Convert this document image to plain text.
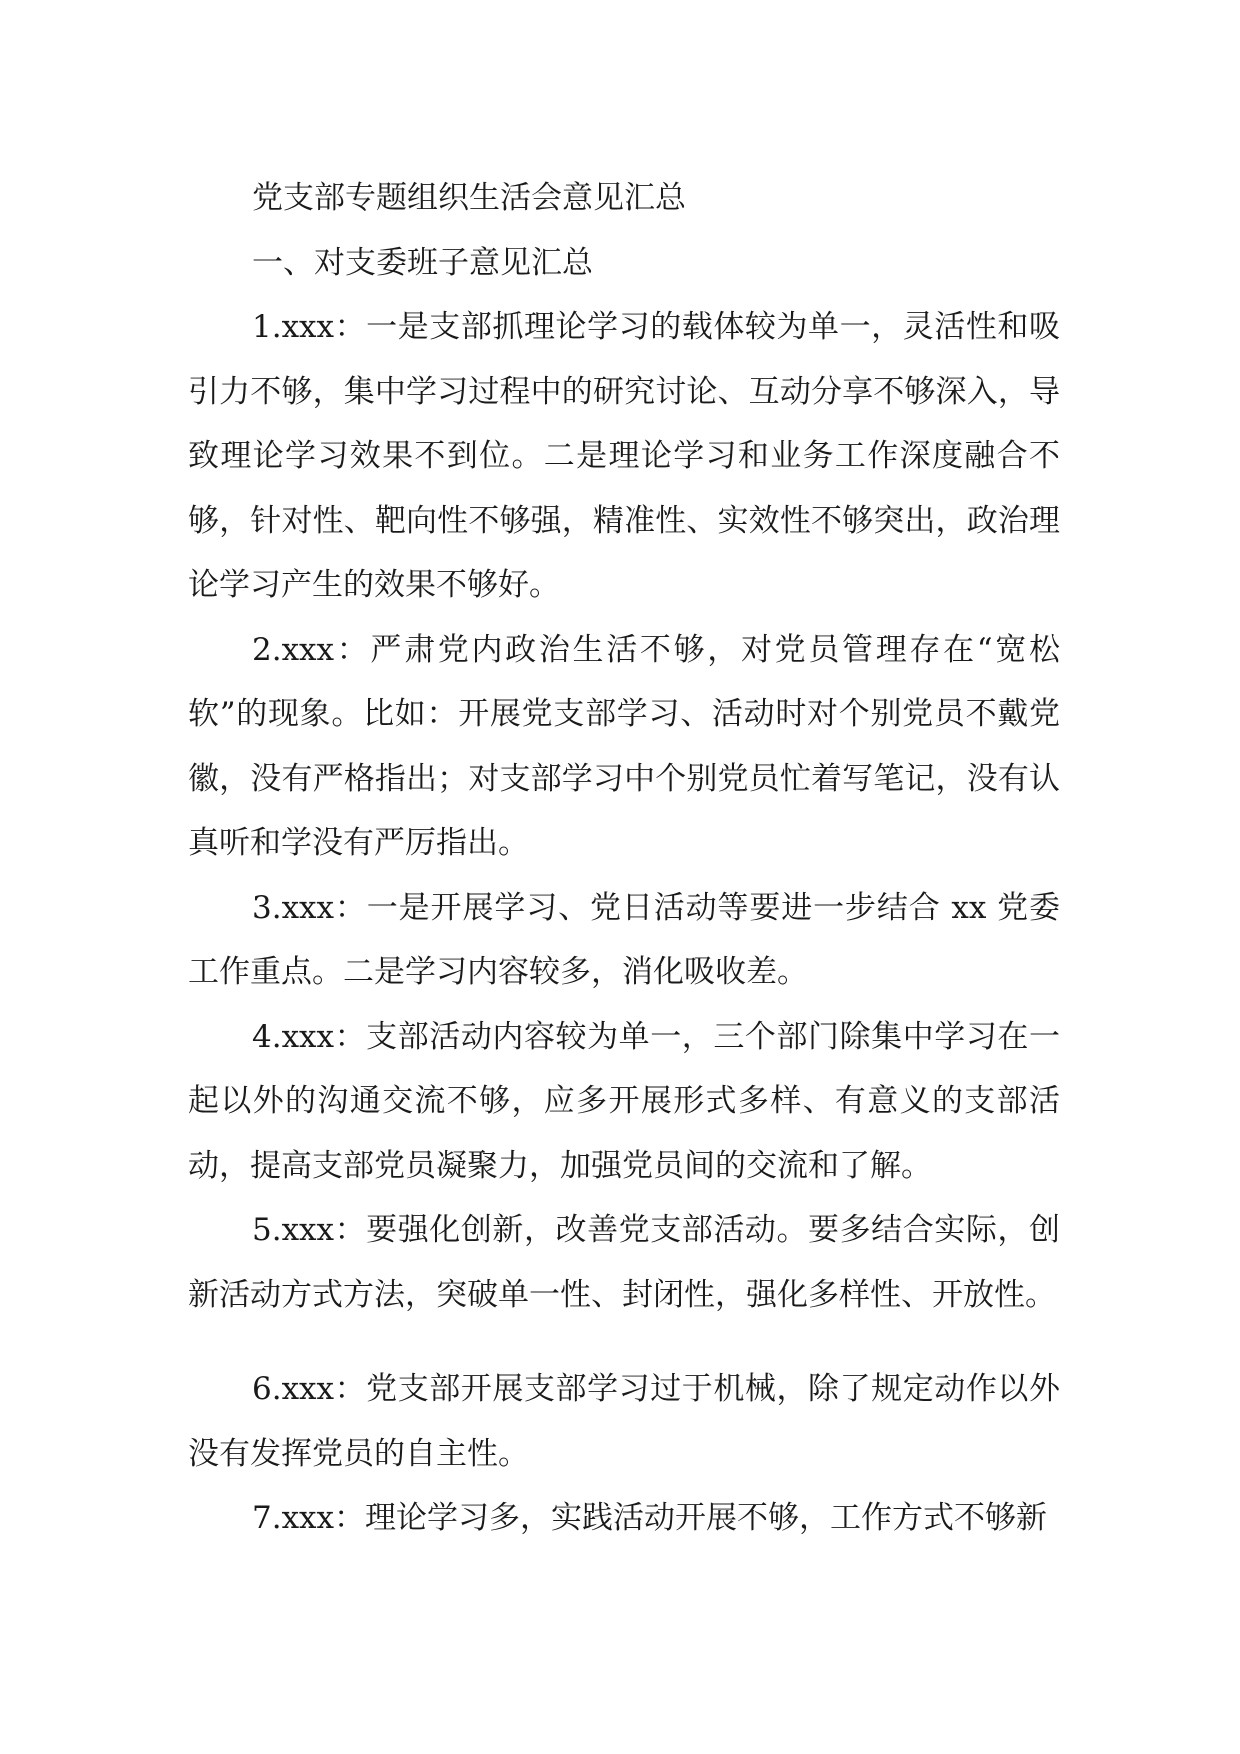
党支部专题组织生活会意见汇总

一、对支委班子意见汇总

1.xxx：一是支部抓理论学习的载体较为单一，灵活性和吸引力不够，集中学习过程中的研究讨论、互动分享不够深入，导致理论学习效果不到位。二是理论学习和业务工作深度融合不够，针对性、靶向性不够强，精准性、实效性不够突出，政治理论学习产生的效果不够好。

2.xxx：严肃党内政治生活不够，对党员管理存在“宽松软”的现象。比如：开展党支部学习、活动时对个别党员不戴党徽，没有严格指出；对支部学习中个别党员忙着写笔记，没有认真听和学没有严厉指出。

3.xxx：一是开展学习、党日活动等要进一步结合 xx 党委工作重点。二是学习内容较多，消化吸收差。

4.xxx：支部活动内容较为单一，三个部门除集中学习在一起以外的沟通交流不够，应多开展形式多样、有意义的支部活动，提高支部党员凝聚力，加强党员间的交流和了解。

5.xxx：要强化创新，改善党支部活动。要多结合实际，创新活动方式方法，突破单一性、封闭性，强化多样性、开放性。

6.xxx：党支部开展支部学习过于机械，除了规定动作以外没有发挥党员的自主性。

7.xxx：理论学习多，实践活动开展不够，工作方式不够新
